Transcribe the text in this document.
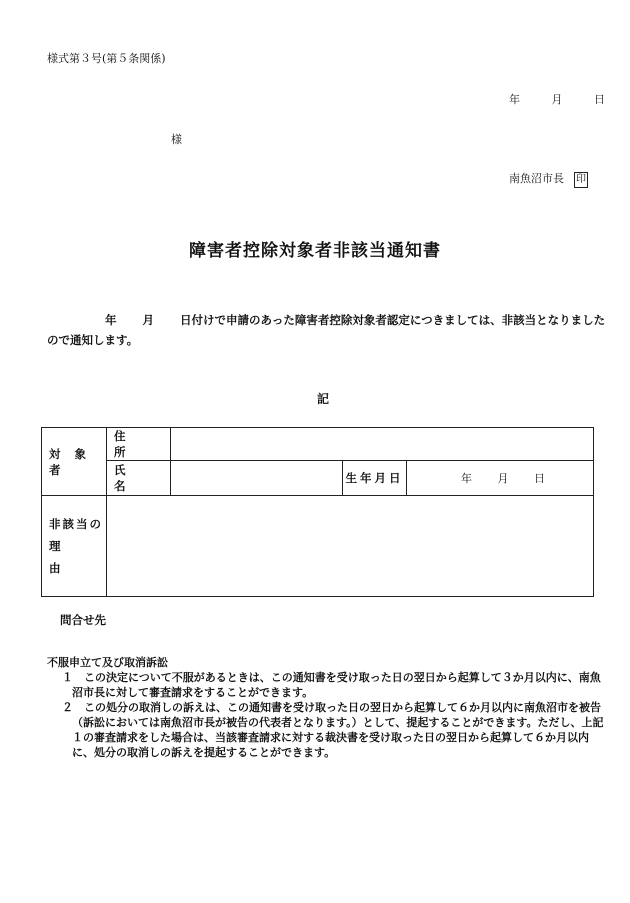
様式第３号(第５条関係)
年	月	日
様
南魚沼市長 印
障害者控除対象者非該当通知書
年 月 日付けで申請のあった障害者控除対象者認定につきましては、非該当となりましたので通知します。
記
対象者	住所			
	氏名		生年月日	年 月 日
非該当の
理由				
問合せ先
不服申立て及び取消訴訟
１　この決定について不服があるときは、この通知書を受け取った日の翌日から起算して３か月以内に、南魚沼市長に対して審査請求をすることができます。
２　この処分の取消しの訴えは、この通知書を受け取った日の翌日から起算して６か月以内に南魚沼市を被告（訴訟においては南魚沼市長が被告の代表者となります。）として、提起することができます。ただし、上記１の審査請求をした場合は、当該審査請求に対する裁決書を受け取った日の翌日から起算して６か月以内に、処分の取消しの訴えを提起することができます。
